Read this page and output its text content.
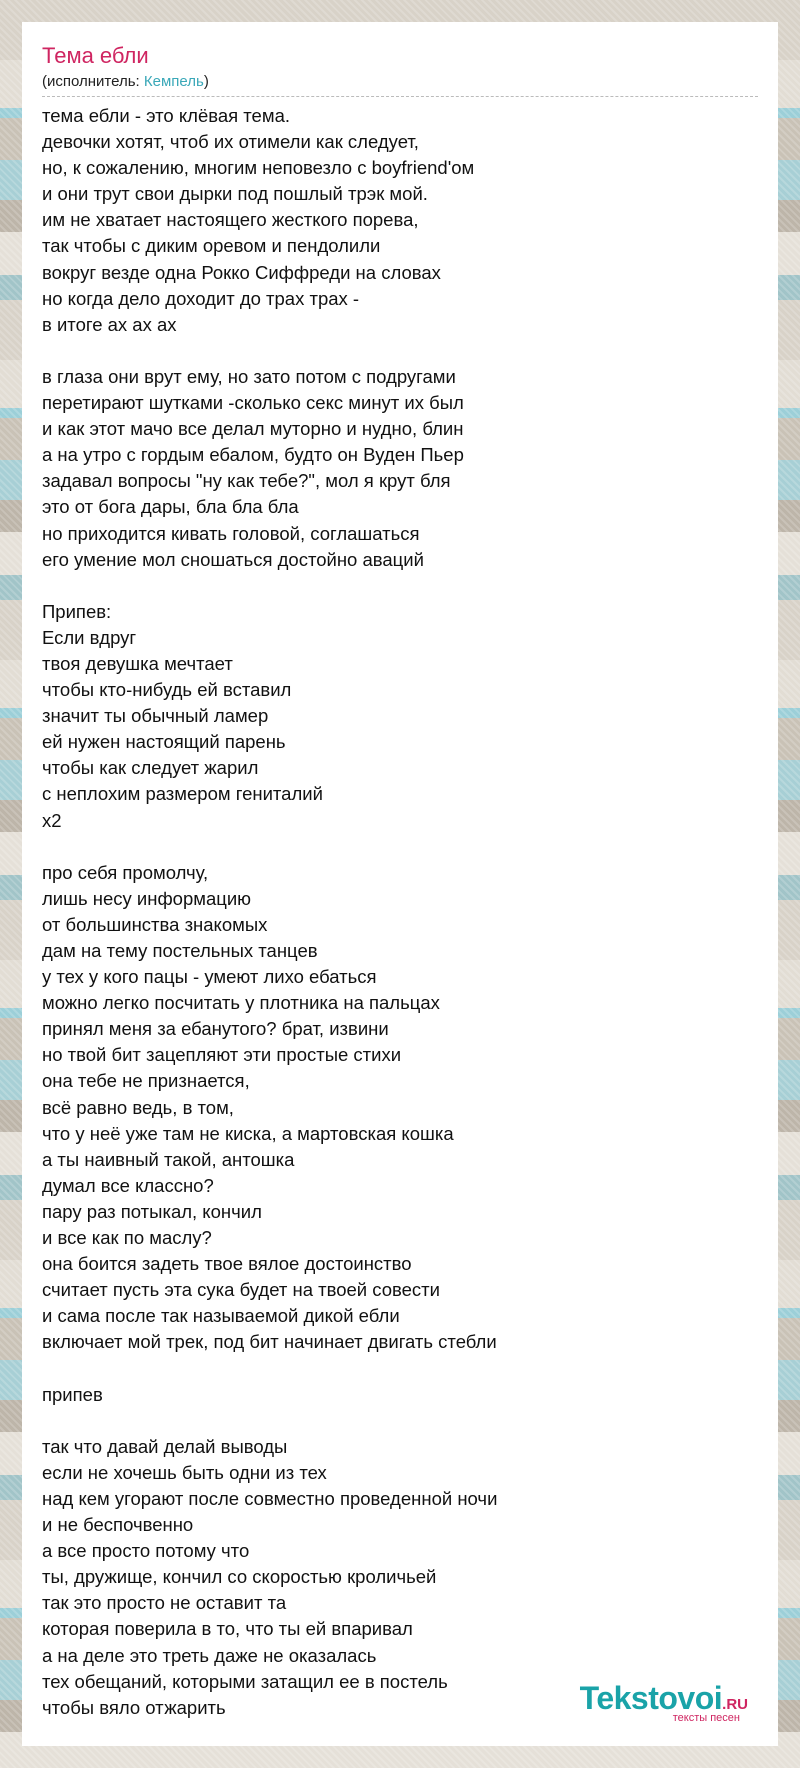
Тема ебли
(исполнитель: Кемпель)
тема ебли - это клёвая тема.
девочки хотят, чтоб их отимели как следует,
но, к сожалению, многим неповезло с boyfriend'ом
и они трут свои дырки под пошлый трэк мой.
им не хватает настоящего жесткого порева,
так чтобы с диким оревом и пендолили
вокруг везде одна Рокко Сиффреди на словах
но когда дело доходит до трах трах -
в итоге ах ах ах
в глаза они врут ему, но зато потом с подругами
перетирают шутками -сколько секс минут их был
и как этот мачо все делал муторно и нудно, блин
а на утро с гордым ебалом, будто он Вуден Пьер
задавал вопросы "ну как тебе?", мол я крут бля
это от бога дары, бла бла бла
но приходится кивать головой, соглашаться
его умение мол сношаться достойно аваций
Припев:
Если вдруг
твоя девушка мечтает
чтобы кто-нибудь ей вставил
значит ты обычный ламер
ей нужен настоящий парень
чтобы как следует жарил
с неплохим размером гениталий
x2
про себя промолчу,
лишь несу информацию
от большинства знакомых
дам на тему постельных танцев
у тех у кого пацы - умеют лихо ебаться
можно легко посчитать у плотника на пальцах
принял меня за ебанутого? брат, извини
но твой бит зацепляют эти простые стихи
она тебе не признается,
всё равно ведь, в том,
что у неё уже там не киска, а мартовская кошка
а ты наивный такой, антошка
думал все классно?
пару раз потыкал, кончил
и все как по маслу?
она боится задеть твое вялое достоинство
считает пусть эта сука будет на твоей совести
и сама после так называемой дикой ебли
включает мой трек, под бит начинает двигать стебли
припев
так что давай делай выводы
если не хочешь быть одни из тех
над кем угорают после совместно проведенной ночи
и не беспочвенно
а все просто потому что
ты, дружище, кончил со скоростью кроличьей
так это просто не оставит та
которая поверила в то, что ты ей впаривал
а на деле это треть даже не оказалась
тех обещаний, которыми затащил ее в постель
чтобы вяло отжарить	Tekstovoi.RU
тексты песен
